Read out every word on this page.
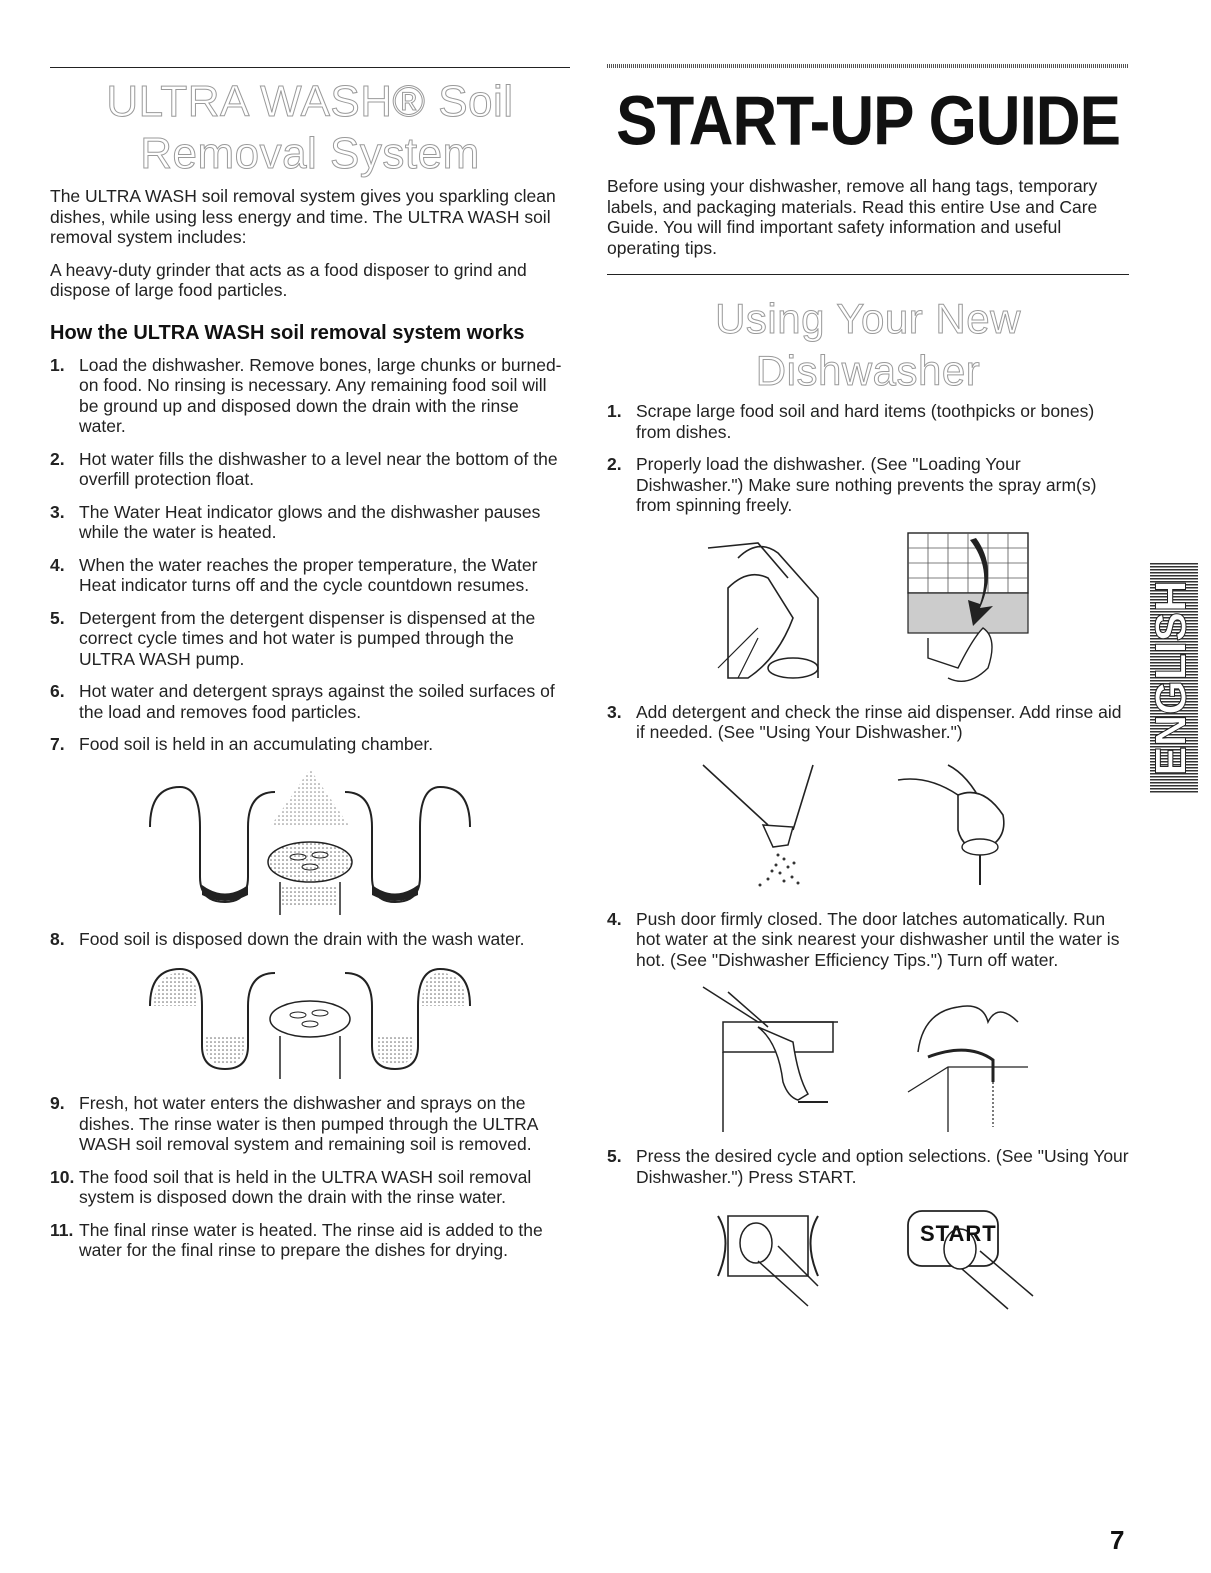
ULTRA WASH® Soil
Removal System

The ULTRA WASH soil removal system gives you sparkling clean dishes, while using less energy and time. The ULTRA WASH soil removal system includes:

A heavy-duty grinder that acts as a food disposer to grind and dispose of large food particles.

How the ULTRA WASH soil removal system works
1. Load the dishwasher. Remove bones, large chunks or burned-on food. No rinsing is necessary. Any remaining food soil will be ground up and disposed down the drain with the rinse water.
2. Hot water fills the dishwasher to a level near the bottom of the overfill protection float.
3. The Water Heat indicator glows and the dishwasher pauses while the water is heated.
4. When the water reaches the proper temperature, the Water Heat indicator turns off and the cycle countdown resumes.
5. Detergent from the detergent dispenser is dispensed at the correct cycle times and hot water is pumped through the ULTRA WASH pump.
6. Hot water and detergent sprays against the soiled surfaces of the load and removes food particles.
7. Food soil is held in an accumulating chamber.
8. Food soil is disposed down the drain with the wash water.
9. Fresh, hot water enters the dishwasher and sprays on the dishes. The rinse water is then pumped through the ULTRA WASH soil removal system and remaining soil is removed.
10. The food soil that is held in the ULTRA WASH soil removal system is disposed down the drain with the rinse water.
11. The final rinse water is heated. The rinse aid is added to the water for the final rinse to prepare the dishes for drying.
START-UP GUIDE

Before using your dishwasher, remove all hang tags, temporary labels, and packaging materials. Read this entire Use and Care Guide. You will find important safety information and useful operating tips.

Using Your New Dishwasher
1. Scrape large food soil and hard items (toothpicks or bones) from dishes.
2. Properly load the dishwasher. (See "Loading Your Dishwasher.") Make sure nothing prevents the spray arm(s) from spinning freely.
3. Add detergent and check the rinse aid dispenser. Add rinse aid if needed. (See "Using Your Dishwasher.")
4. Push door firmly closed. The door latches automatically. Run hot water at the sink nearest your dishwasher until the water is hot. (See "Dishwasher Efficiency Tips.") Turn off water.
5. Press the desired cycle and option selections. (See "Using Your Dishwasher.") Press START.
START
ENGLISH
7
